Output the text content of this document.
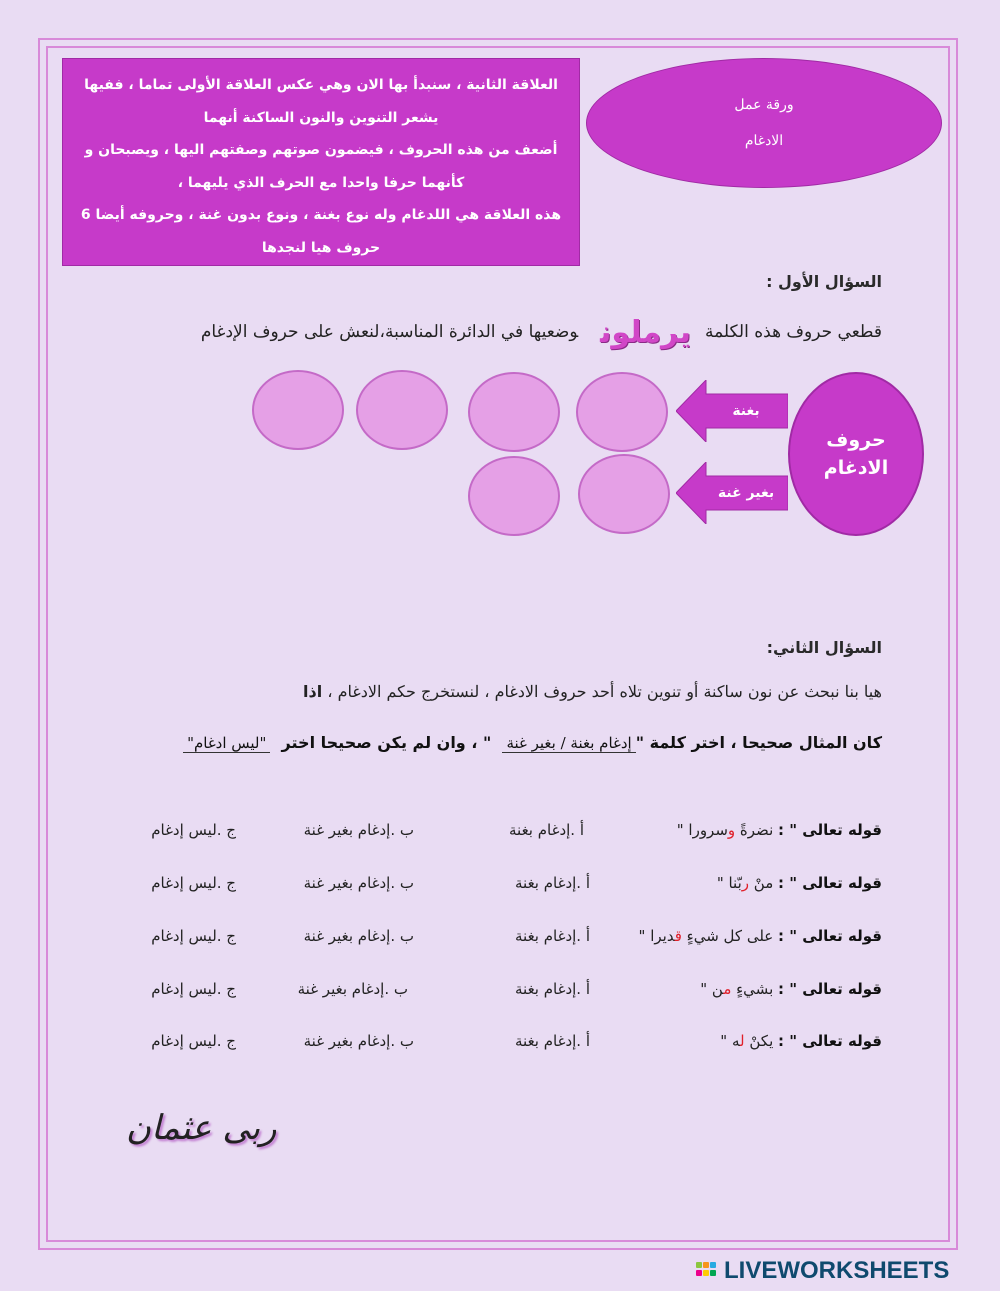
العلاقة الثانية ، سنبدأ بها الان وهي عكس العلاقة الأولى تماما ، ففيها
يشعر التنوين والنون الساكنة أنهما
أضعف من هذه الحروف ، فيضمون صوتهم وصفتهم اليها ، ويصبحان و
كأنهما حرفا واحدا مع الحرف الذي يليهما ،
هذه العلاقة هي اللدغام وله نوع بغنة ، ونوع بدون غنة ، وحروفه أيضا 6
حروف هيا لنجدها
ورقة عمل
الادغام
السؤال الأول :
قطعي حروف هذه الكلمةيرملونوضعيها في الدائرة المناسبة،لنعش على حروف الإدغام
بغنة
بغير غنة
حروف
الادغام
السؤال الثاني:
هيا بنا نبحث عن نون ساكنة أو تنوين تلاه أحد حروف الادغام ، لنستخرج حكم الادغام ، اذا
كان المثال صحيحا ، اختر كلمة "إدغام بغنة / بغير غنة  " ، وان لم يكن صحيحا اختر  "ليس ادغام"
قوله تعالى " : نضرةً وسرورا "
أ .إدغام بغنة
ب .إدغام بغير غنة
ج .ليس إدغام
قوله تعالى " : منْ ربّنا "
أ .إدغام بغنة
ب .إدغام بغير غنة
ج .ليس إدغام
قوله تعالى " : على كل شيءٍ قديرا "
أ .إدغام بغنة
ب .إدغام بغير غنة
ج .ليس إدغام
قوله تعالى " : بشيءٍ من "
أ .إدغام بغنة
ب .إدغام بغير غنة
ج .ليس إدغام
قوله تعالى " : يكنْ له "
أ .إدغام بغنة
ب .إدغام بغير غنة
ج .ليس إدغام
ربى عثمان
LIVEWORKSHEETS
